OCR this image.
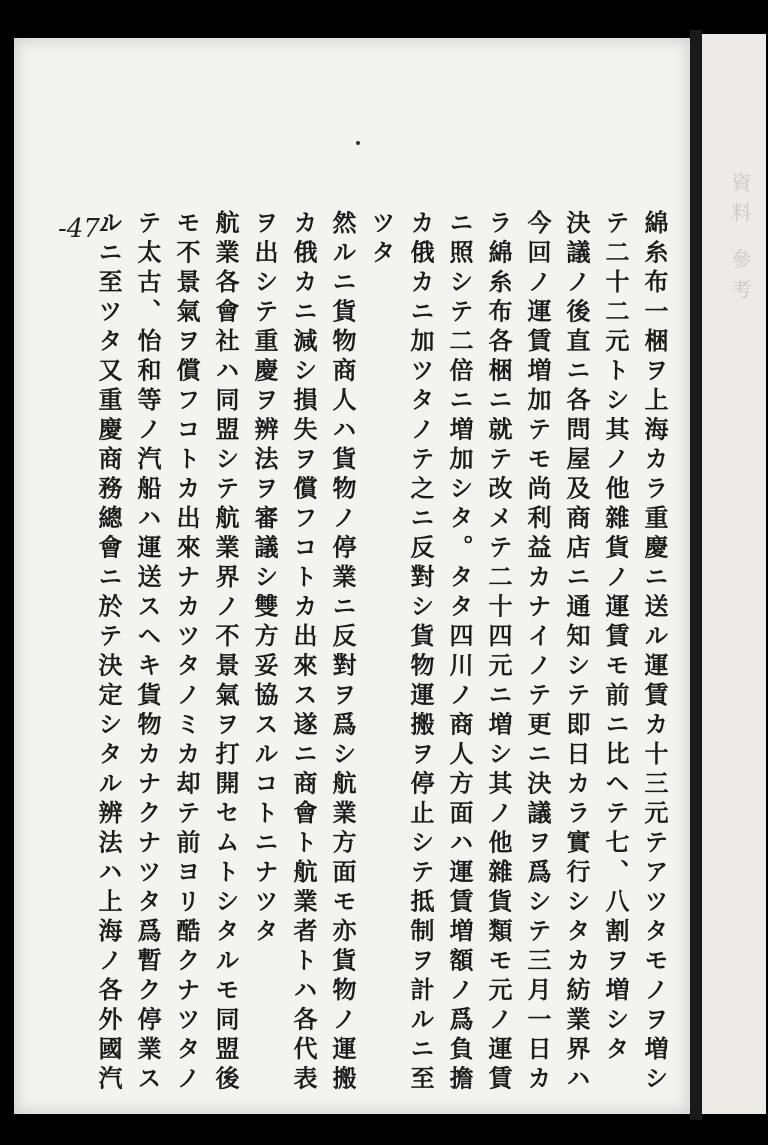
-47-	綿糸布一梱ヲ上海カラ重慶ニ送ル運賃カ十三元テアツタモノヲ増シ
テ二十二元トシ其ノ他雜貨ノ運賃モ前ニ比ヘテ七、八割ヲ増シタ
決議ノ後直ニ各問屋及商店ニ通知シテ即日カラ實行シタカ紡業界ハ
今回ノ運賃増加テモ尚利益カナイノテ更ニ決議ヲ爲シテ三月一日カ
ラ綿糸布各梱ニ就テ改メテ二十四元ニ増シ其ノ他雜貨類モ元ノ運賃
ニ照シテ二倍ニ増加シタ。タタ四川ノ商人方面ハ運賃増額ノ爲負擔
カ俄カニ加ツタノテ之ニ反對シ貨物運搬ヲ停止シテ抵制ヲ計ルニ至
ツタ
然ルニ貨物商人ハ貨物ノ停業ニ反對ヲ爲シ航業方面モ亦貨物ノ運搬
カ俄カニ減シ損失ヲ償フコトカ出來ス遂ニ商會ト航業者トハ各代表
ヲ出シテ重慶ヲ辨法ヲ審議シ雙方妥協スルコトニナツタ
航業各會社ハ同盟シテ航業界ノ不景氣ヲ打開セムトシタルモ同盟後
モ不景氣ヲ償フコトカ出來ナカツタノミカ却テ前ヨリ酷クナツタノ
テ太古、怡和等ノ汽船ハ運送スヘキ貨物カナクナツタ爲暫ク停業ス
ルニ至ツタ又重慶商務總會ニ於テ決定シタル辨法ハ上海ノ各外國汽	資料 參考
